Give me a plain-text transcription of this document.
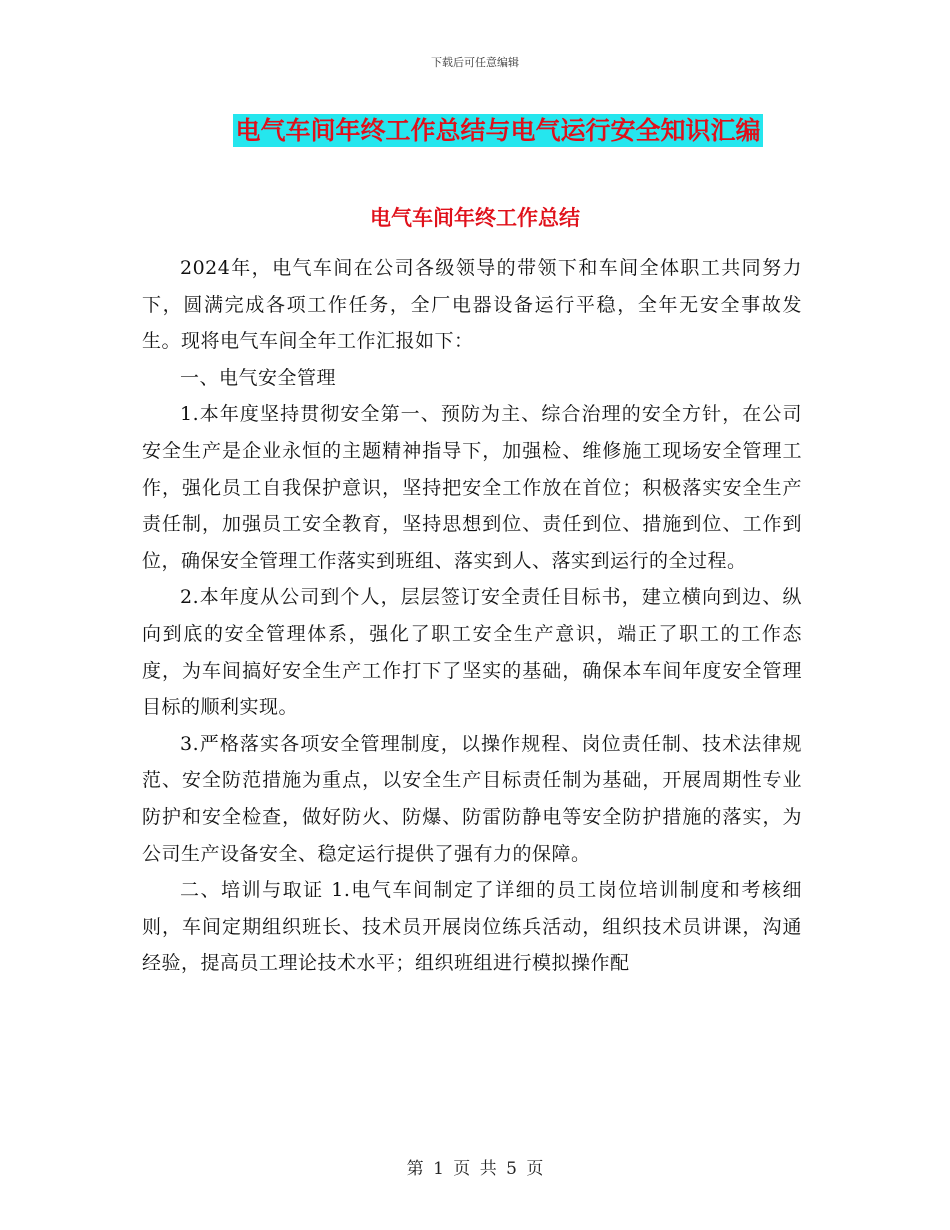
下载后可任意编辑
电气车间年终工作总结与电气运行安全知识汇编
电气车间年终工作总结

2024年，电气车间在公司各级领导的带领下和车间全体职工共同努力下，圆满完成各项工作任务，全厂电器设备运行平稳，全年无安全事故发生。现将电气车间全年工作汇报如下：

一、电气安全管理

1.本年度坚持贯彻安全第一、预防为主、综合治理的安全方针，在公司安全生产是企业永恒的主题精神指导下，加强检、维修施工现场安全管理工作，强化员工自我保护意识，坚持把安全工作放在首位；积极落实安全生产责任制，加强员工安全教育，坚持思想到位、责任到位、措施到位、工作到位，确保安全管理工作落实到班组、落实到人、落实到运行的全过程。

2.本年度从公司到个人，层层签订安全责任目标书，建立横向到边、纵向到底的安全管理体系，强化了职工安全生产意识，端正了职工的工作态度，为车间搞好安全生产工作打下了坚实的基础，确保本车间年度安全管理目标的顺利实现。

3.严格落实各项安全管理制度，以操作规程、岗位责任制、技术法律规范、安全防范措施为重点，以安全生产目标责任制为基础，开展周期性专业防护和安全检查，做好防火、防爆、防雷防静电等安全防护措施的落实，为公司生产设备安全、稳定运行提供了强有力的保障。

二、培训与取证 1.电气车间制定了详细的员工岗位培训制度和考核细则，车间定期组织班长、技术员开展岗位练兵活动，组织技术员讲课，沟通经验，提高员工理论技术水平；组织班组进行模拟操作配

第 1 页 共 5 页
